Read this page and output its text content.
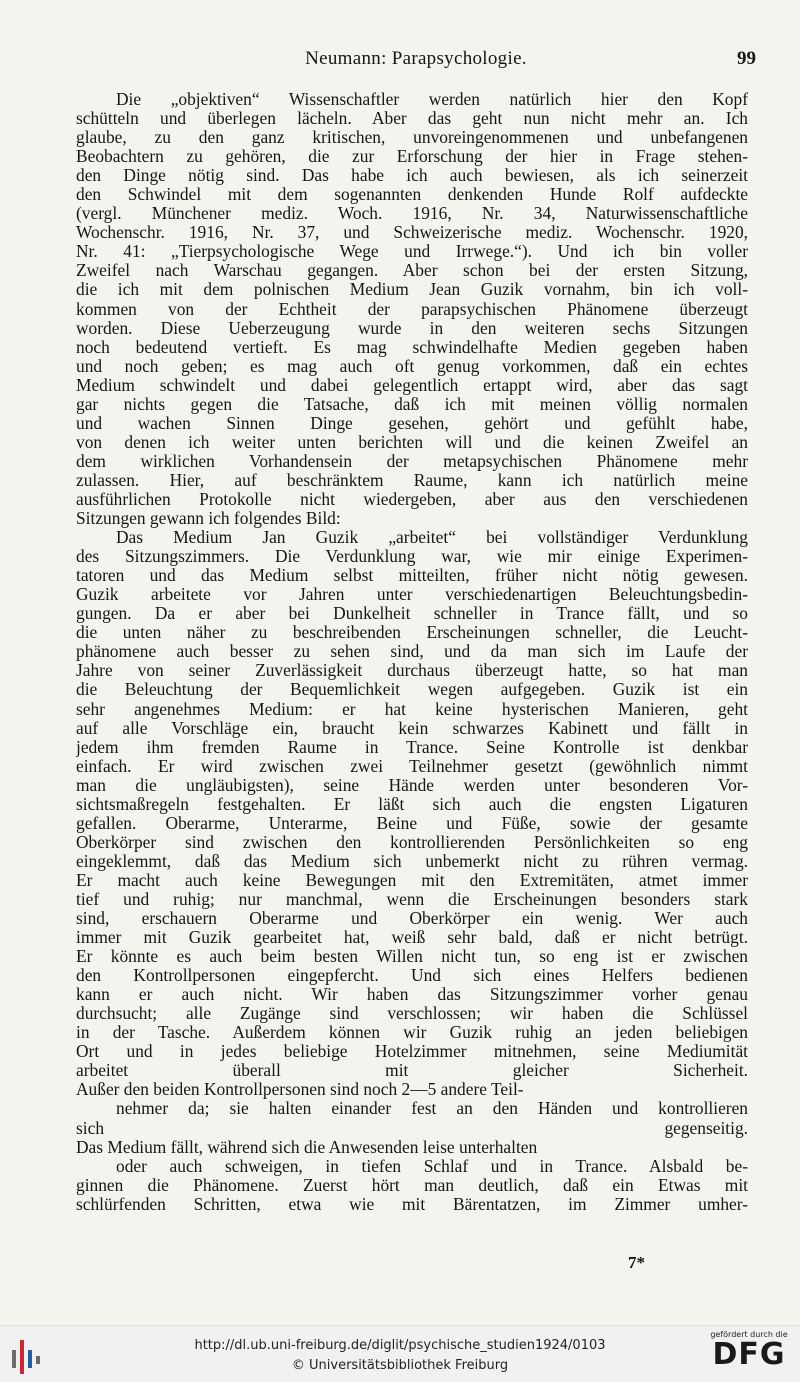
Neumann: Parapsychologie.	99
Die „objektiven“ Wissenschaftler werden natürlich hier den Kopf
schütteln und überlegen lächeln. Aber das geht nun nicht mehr an. Ich
glaube, zu den ganz kritischen, unvoreingenommenen und unbefangenen
Beobachtern zu gehören, die zur Erforschung der hier in Frage stehen-
den Dinge nötig sind. Das habe ich auch bewiesen, als ich seinerzeit
den Schwindel mit dem sogenannten denkenden Hunde Rolf aufdeckte
(vergl. Münchener mediz. Woch. 1916, Nr. 34, Naturwissenschaftliche
Wochenschr. 1916, Nr. 37, und Schweizerische mediz. Wochenschr. 1920,
Nr. 41: „Tierpsychologische Wege und Irrwege.“). Und ich bin voller
Zweifel nach Warschau gegangen. Aber schon bei der ersten Sitzung,
die ich mit dem polnischen Medium Jean Guzik vornahm, bin ich voll-
kommen von der Echtheit der parapsychischen Phänomene überzeugt
worden. Diese Ueberzeugung wurde in den weiteren sechs Sitzungen
noch bedeutend vertieft. Es mag schwindelhafte Medien gegeben haben
und noch geben; es mag auch oft genug vorkommen, daß ein echtes
Medium schwindelt und dabei gelegentlich ertappt wird, aber das sagt
gar nichts gegen die Tatsache, daß ich mit meinen völlig normalen
und wachen Sinnen Dinge gesehen, gehört und gefühlt habe,
von denen ich weiter unten berichten will und die keinen Zweifel an
dem wirklichen Vorhandensein der metapsychischen Phänomene mehr
zulassen. Hier, auf beschränktem Raume, kann ich natürlich meine
ausführlichen Protokolle nicht wiedergeben, aber aus den verschiedenen
Sitzungen gewann ich folgendes Bild:
Das Medium Jan Guzik „arbeitet“ bei vollständiger Verdunklung
des Sitzungszimmers. Die Verdunklung war, wie mir einige Experimen-
tatoren und das Medium selbst mitteilten, früher nicht nötig gewesen.
Guzik arbeitete vor Jahren unter verschiedenartigen Beleuchtungsbedin-
gungen. Da er aber bei Dunkelheit schneller in Trance fällt, und so
die unten näher zu beschreibenden Erscheinungen schneller, die Leucht-
phänomene auch besser zu sehen sind, und da man sich im Laufe der
Jahre von seiner Zuverlässigkeit durchaus überzeugt hatte, so hat man
die Beleuchtung der Bequemlichkeit wegen aufgegeben. Guzik ist ein
sehr angenehmes Medium: er hat keine hysterischen Manieren, geht
auf alle Vorschläge ein, braucht kein schwarzes Kabinett und fällt in
jedem ihm fremden Raume in Trance. Seine Kontrolle ist denkbar
einfach. Er wird zwischen zwei Teilnehmer gesetzt (gewöhnlich nimmt
man die ungläubigsten), seine Hände werden unter besonderen Vor-
sichtsmaßregeln festgehalten. Er läßt sich auch die engsten Ligaturen
gefallen. Oberarme, Unterarme, Beine und Füße, sowie der gesamte
Oberkörper sind zwischen den kontrollierenden Persönlichkeiten so eng
eingeklemmt, daß das Medium sich unbemerkt nicht zu rühren vermag.
Er macht auch keine Bewegungen mit den Extremitäten, atmet immer
tief und ruhig; nur manchmal, wenn die Erscheinungen besonders stark
sind, erschauern Oberarme und Oberkörper ein wenig. Wer auch
immer mit Guzik gearbeitet hat, weiß sehr bald, daß er nicht betrügt.
Er könnte es auch beim besten Willen nicht tun, so eng ist er zwischen
den Kontrollpersonen eingepfercht. Und sich eines Helfers bedienen
kann er auch nicht. Wir haben das Sitzungszimmer vorher genau
durchsucht; alle Zugänge sind verschlossen; wir haben die Schlüssel
in der Tasche. Außerdem können wir Guzik ruhig an jeden beliebigen
Ort und in jedes beliebige Hotelzimmer mitnehmen, seine Mediumität
arbeitet überall mit gleicher Sicherheit.
Außer den beiden Kontrollpersonen sind noch 2—5 andere Teil-
nehmer da; sie halten einander fest an den Händen und kontrollieren
sich gegenseitig.
Das Medium fällt, während sich die Anwesenden leise unterhalten
oder auch schweigen, in tiefen Schlaf und in Trance. Alsbald be-
ginnen die Phänomene. Zuerst hört man deutlich, daß ein Etwas mit
schlürfenden Schritten, etwa wie mit Bärentatzen, im Zimmer umher-
7*
http://dl.ub.uni-freiburg.de/diglit/psychische_studien1924/0103
© Universitätsbibliothek Freiburg
gefördert durch die
DFG
